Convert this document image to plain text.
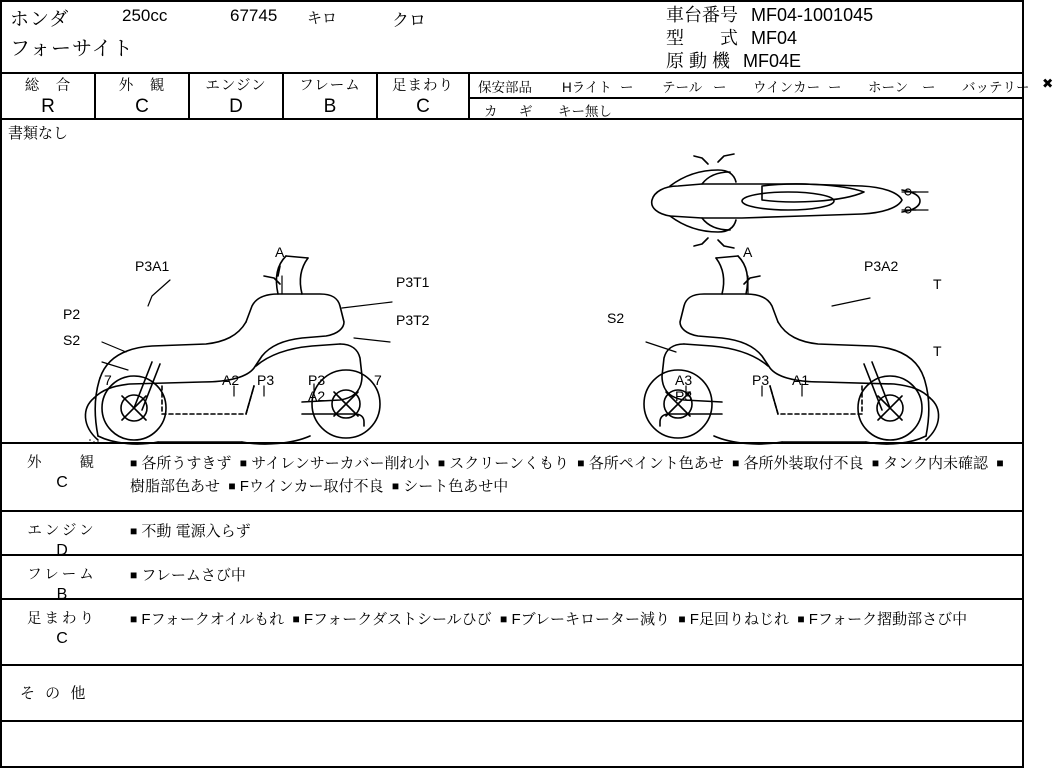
ホンダ
フォーサイト
250cc	67745 キロ	クロ	車台番号 MF04-1001045
型　　式 MF04
原 動 機 MF04E
総　合
R
外　観
C
エンジン
D
フレーム
B
足まわり
C
保安部品 Hライト ー テール ー ウインカー ー ホーン ー バッテリー ✖
カ　ギ キー無し
書類なし
T
T
P3A1
A
P3T1
P2	P3T2
S2
7	A2 P3 P3
A2
7
A
P3A2
S2
A3
P3
P3 A1
外　　観
C
■ 各所うすきず ■ サイレンサーカバー削れ小 ■ スクリーンくもり ■ 各所ペイント色あせ ■ 各所外装取付不良 ■ タンク内未確認 ■ 樹脂部色あせ ■ Fウインカー取付不良 ■ シート色あせ中
エンジン
D
■ 不動 電源入らず
フレーム
B
■ フレームさび中
足まわり
C
■ Fフォークオイルもれ ■ Fフォークダストシールひび ■ Fブレーキローター減り ■ F足回りねじれ ■ Fフォーク摺動部さび中
そ の 他
